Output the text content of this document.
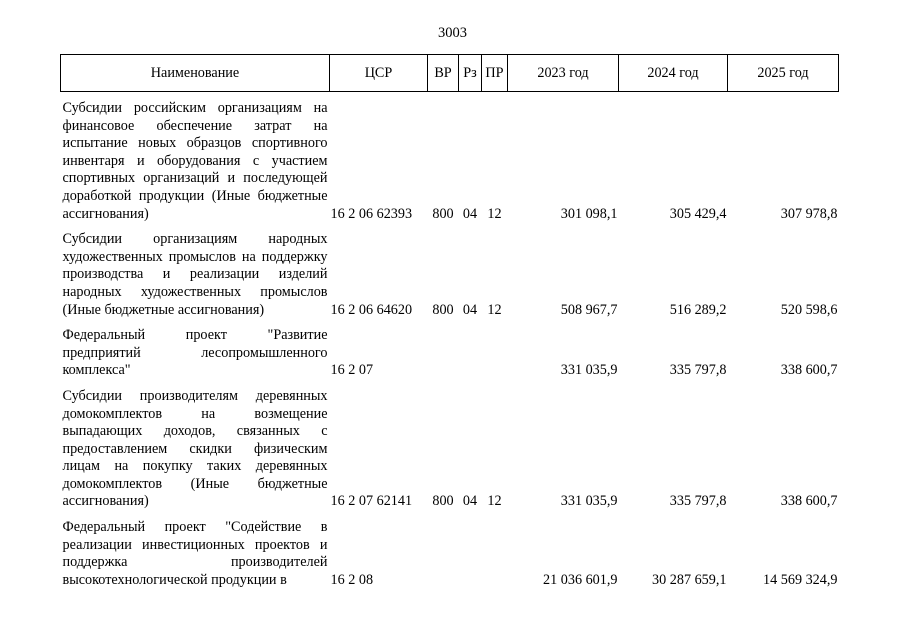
3003
Наименование	ЦСР	ВР	Рз	ПР	2023 год	2024 год	2025 год

Субсидии российским организациям на финансовое обеспечение затрат на испытание новых образцов спортивного инвентаря и оборудования с участием спортивных организаций и последующей доработкой продукции (Иные бюджетные ассигнования)	16 2 06 62393	800	04	12	301 098,1	305 429,4	307 978,8

Субсидии организациям народных художественных промыслов на поддержку производства и реализации изделий народных художественных промыслов (Иные бюджетные ассигнования)	16 2 06 64620	800	04	12	508 967,7	516 289,2	520 598,6

Федеральный проект "Развитие предприятий лесопромышленного комплекса"	16 2 07				331 035,9	335 797,8	338 600,7

Субсидии производителям деревянных домокомплектов на возмещение выпадающих доходов, связанных с предоставлением скидки физическим лицам на покупку таких деревянных домокомплектов (Иные бюджетные ассигнования)	16 2 07 62141	800	04	12	331 035,9	335 797,8	338 600,7

Федеральный проект "Содействие в реализации инвестиционных проектов и поддержка производителей высокотехнологической продукции в	16 2 08				21 036 601,9	30 287 659,1	14 569 324,9
